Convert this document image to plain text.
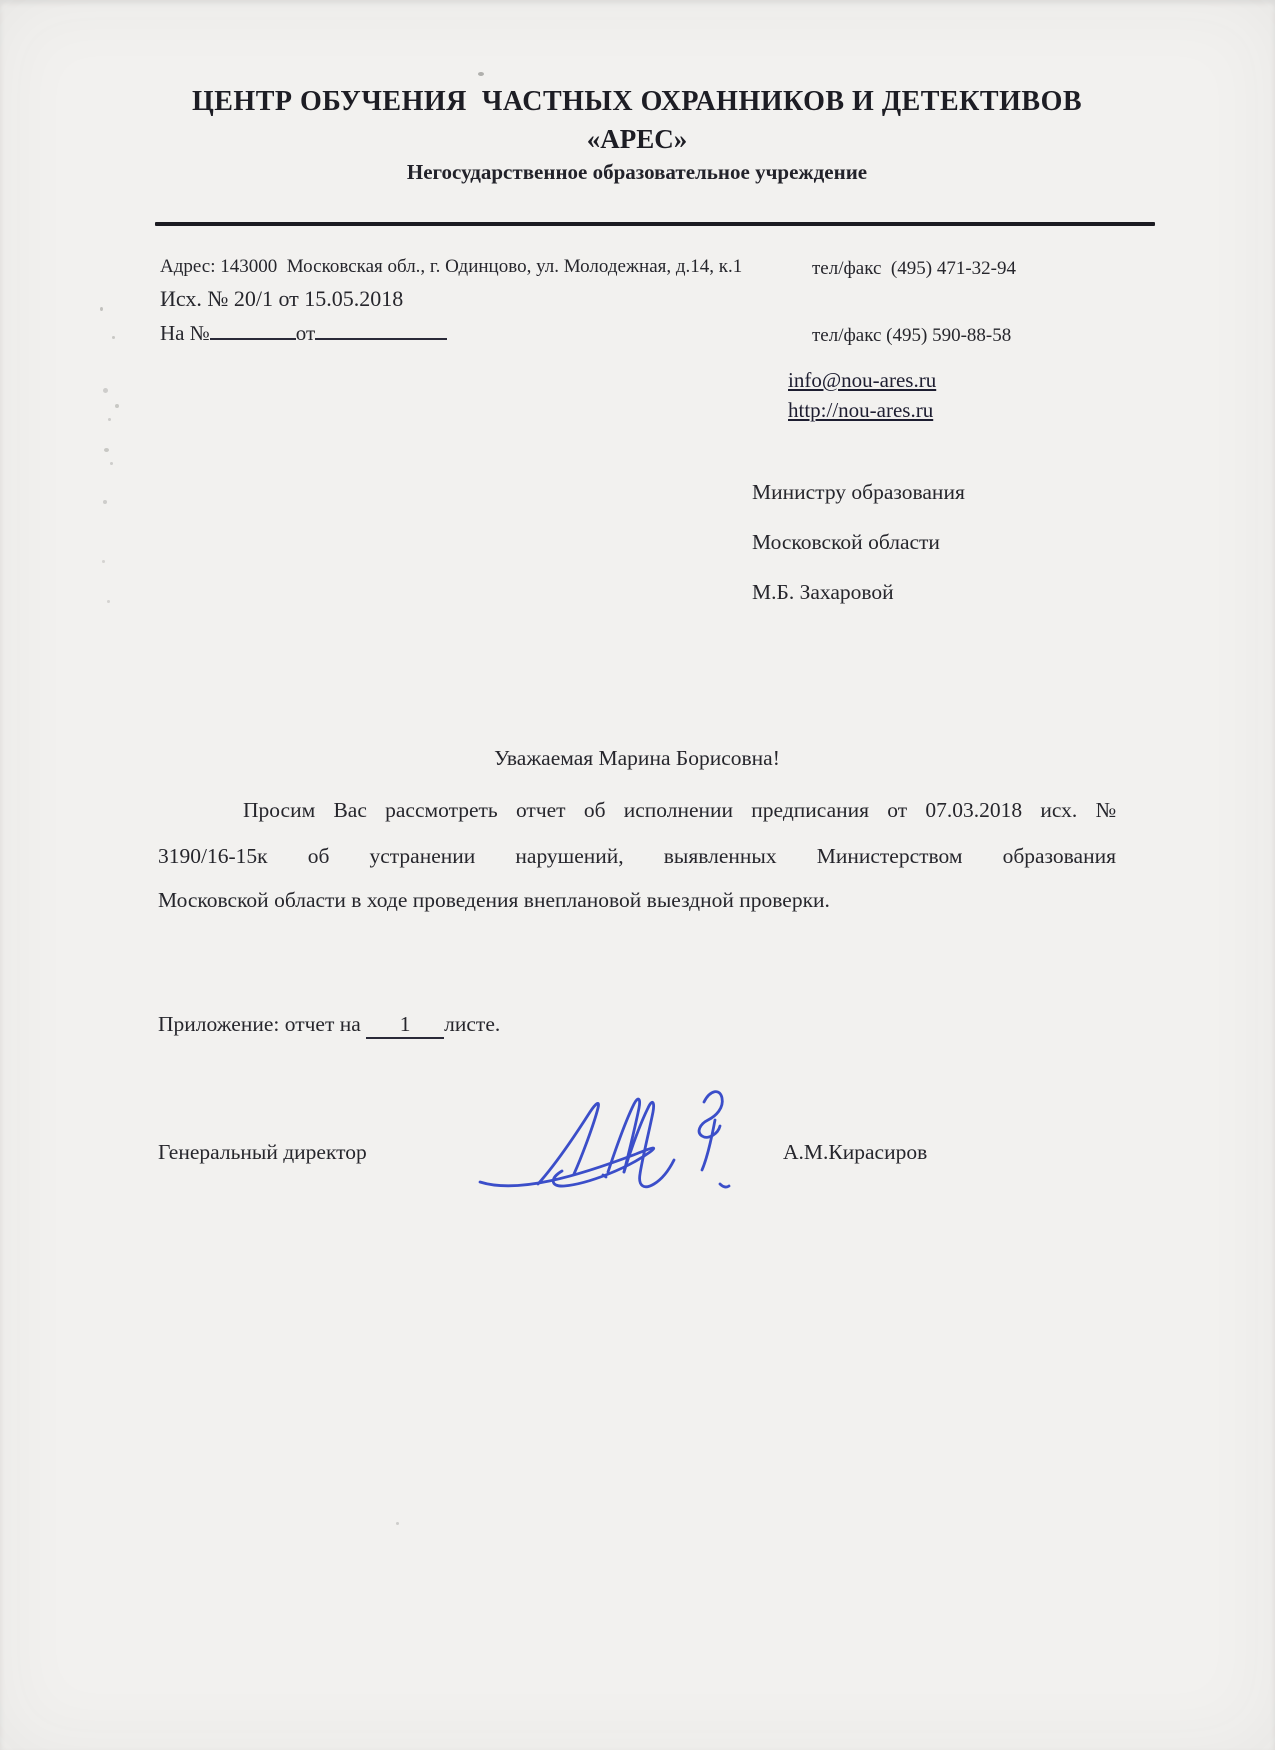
ЦЕНТР ОБУЧЕНИЯ  ЧАСТНЫХ ОХРАННИКОВ И ДЕТЕКТИВОВ
«АРЕС»
Негосударственное образовательное учреждение
Адрес: 143000  Московская обл., г. Одинцово, ул. Молодежная, д.14, к.1	тел/факс  (495) 471-32-94
Исх. № 20/1 от 15.05.2018
На №	от	тел/факс (495) 590-88-58
info@nou-ares.ru
http://nou-ares.ru
Министру образования
Московской области
М.Б. Захаровой
Уважаемая Марина Борисовна!
Просим Вас рассмотреть отчет об исполнении предписания от 07.03.2018 исх. №
3190/16-15к об устранении нарушений, выявленных Министерством образования
Московской области в ходе проведения внеплановой выездной проверки.
Приложение: отчет на 1 листе.
Генеральный директор	А.М.Кирасиров
